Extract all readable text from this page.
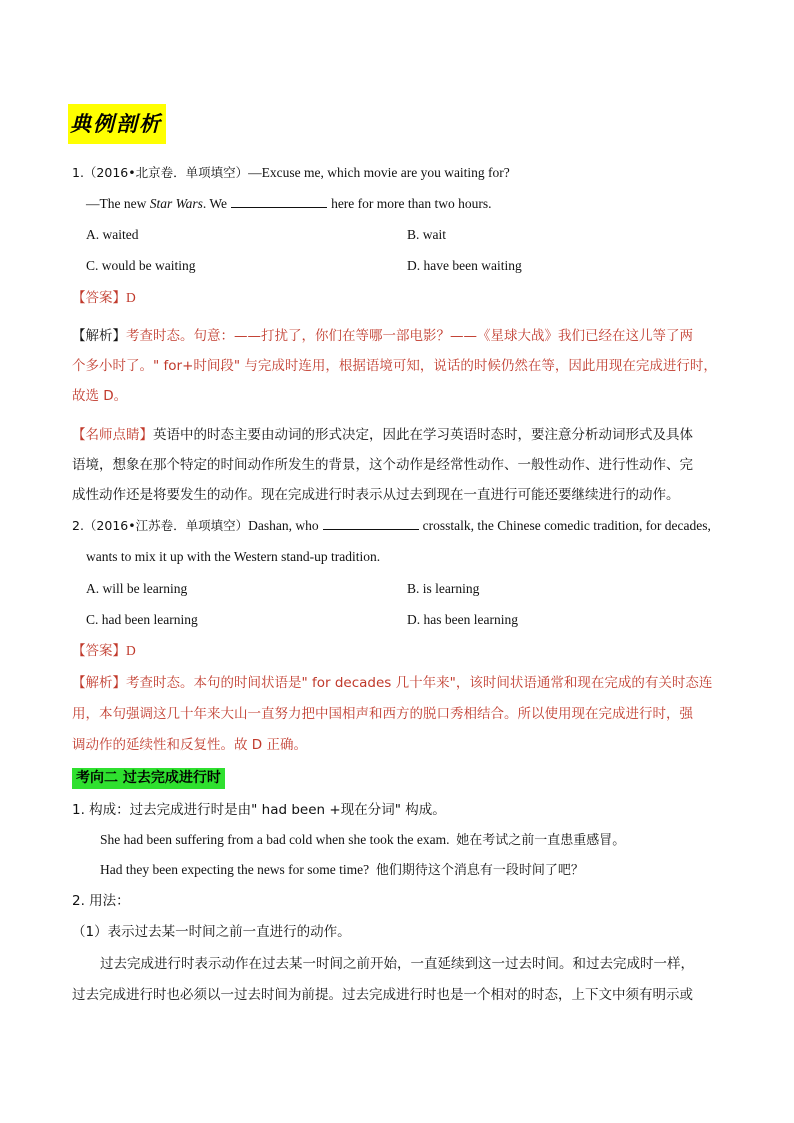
典例剖析
1.（2016•北京卷．单项填空）—Excuse me, which movie are you waiting for?
—The new Star Wars. We	here for more than two hours.
A. waited	B. wait
C. would be waiting	D. have been waiting
【答案】D
【解析】考查时态。句意：——打扰了，你们在等哪一部电影？——《星球大战》我们已经在这儿等了两
个多小时了。" for+时间段" 与完成时连用，根据语境可知，说话的时候仍然在等，因此用现在完成进行时，
故选 D。
【名师点睛】英语中的时态主要由动词的形式决定，因此在学习英语时态时，要注意分析动词形式及具体
语境，想象在那个特定的时间动作所发生的背景，这个动作是经常性动作、一般性动作、进行性动作、完
成性动作还是将要发生的动作。现在完成进行时表示从过去到现在一直进行可能还要继续进行的动作。
2.（2016•江苏卷．单项填空）Dashan, who	crosstalk, the Chinese comedic tradition, for decades,
wants to mix it up with the Western stand-up tradition.
A. will be learning	B. is learning
C. had been learning	D. has been learning
【答案】D
【解析】考查时态。本句的时间状语是" for decades 几十年来"，该时间状语通常和现在完成的有关时态连
用，本句强调这几十年来大山一直努力把中国相声和西方的脱口秀相结合。所以使用现在完成进行时，强
调动作的延续性和反复性。故 D 正确。
考向二 过去完成进行时
1. 构成：过去完成进行时是由" had been +现在分词" 构成。
She had been suffering from a bad cold when she took the exam. 她在考试之前一直患重感冒。
Had they been expecting the news for some time? 他们期待这个消息有一段时间了吧？
2. 用法：
（1）表示过去某一时间之前一直进行的动作。
过去完成进行时表示动作在过去某一时间之前开始，一直延续到这一过去时间。和过去完成时一样，
过去完成进行时也必须以一过去时间为前提。过去完成进行时也是一个相对的时态，上下文中须有明示或
